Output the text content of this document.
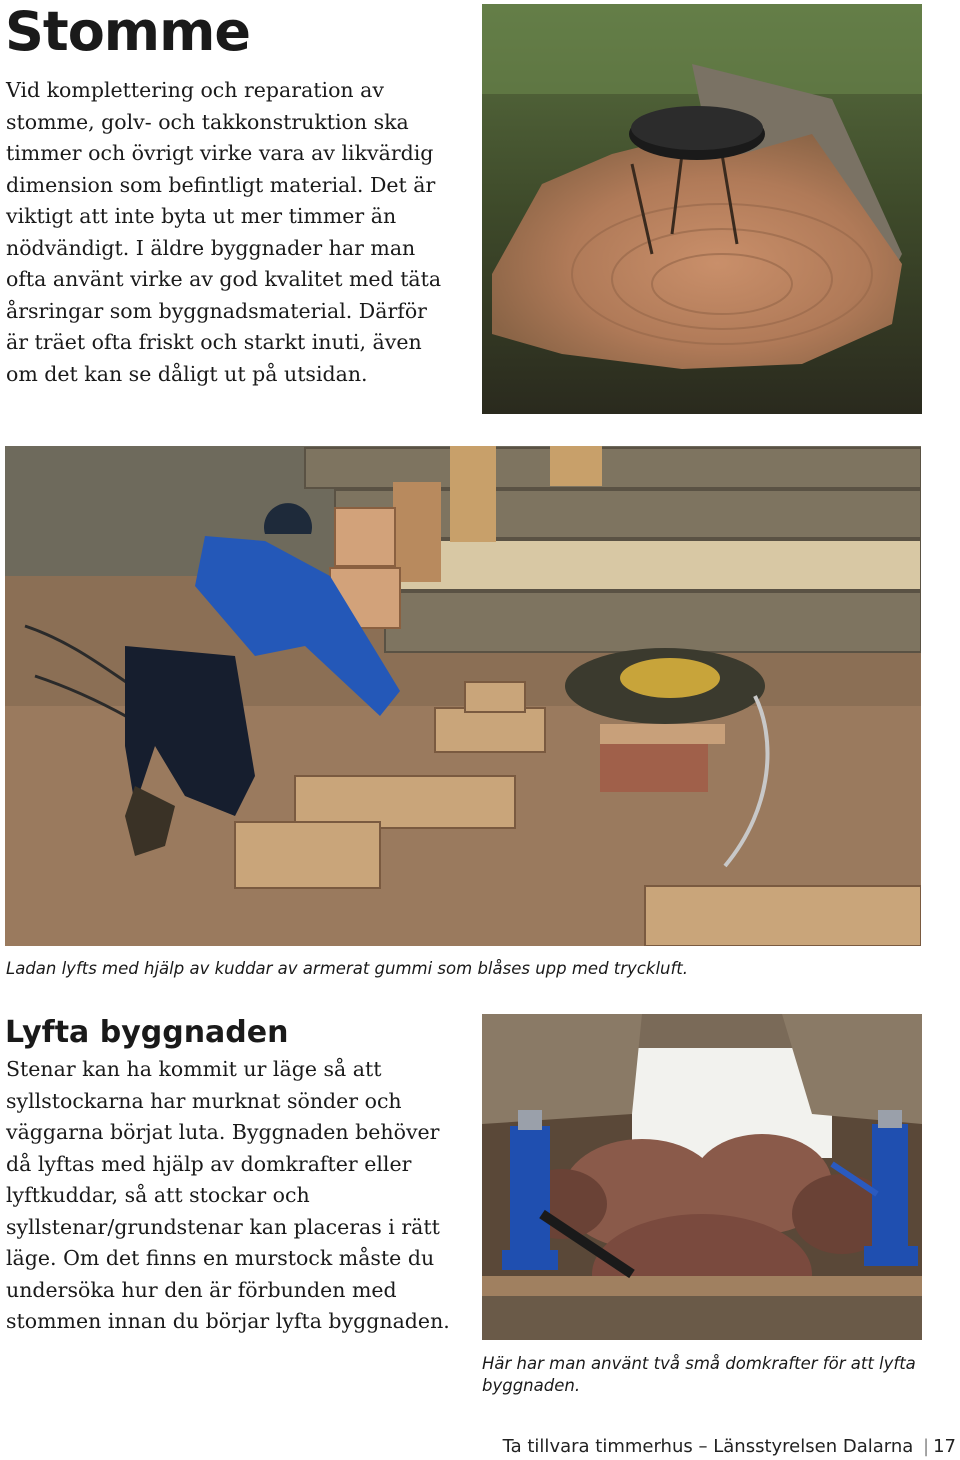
Stomme
Vid komplettering och reparation av stomme, golv- och takkonstruktion ska timmer och övrigt virke vara av likvärdig dimension som befintligt material. Det är viktigt att inte byta ut mer timmer än nödvändigt. I äldre byggnader har man ofta använt virke av god kvalitet med täta årsringar som byggnadsmaterial. Därför är träet ofta friskt och starkt inuti, även om det kan se dåligt ut på utsidan.
Ladan lyfts med hjälp av kuddar av armerat gummi som blåses upp med tryckluft.
Lyfta byggnaden
Stenar kan ha kommit ur läge så att syllstockarna har murknat sönder och väggarna börjat luta. Byggnaden behöver då lyftas med hjälp av domkrafter eller lyftkuddar, så att stockar och syllstenar/grundstenar kan placeras i rätt läge. Om det finns en murstock måste du undersöka hur den är förbunden med stommen innan du börjar lyfta byggnaden.
Här har man använt två små domkrafter för att lyfta byggnaden.
Ta tillvara timmerhus – Länsstyrelsen Dalarna | 17
